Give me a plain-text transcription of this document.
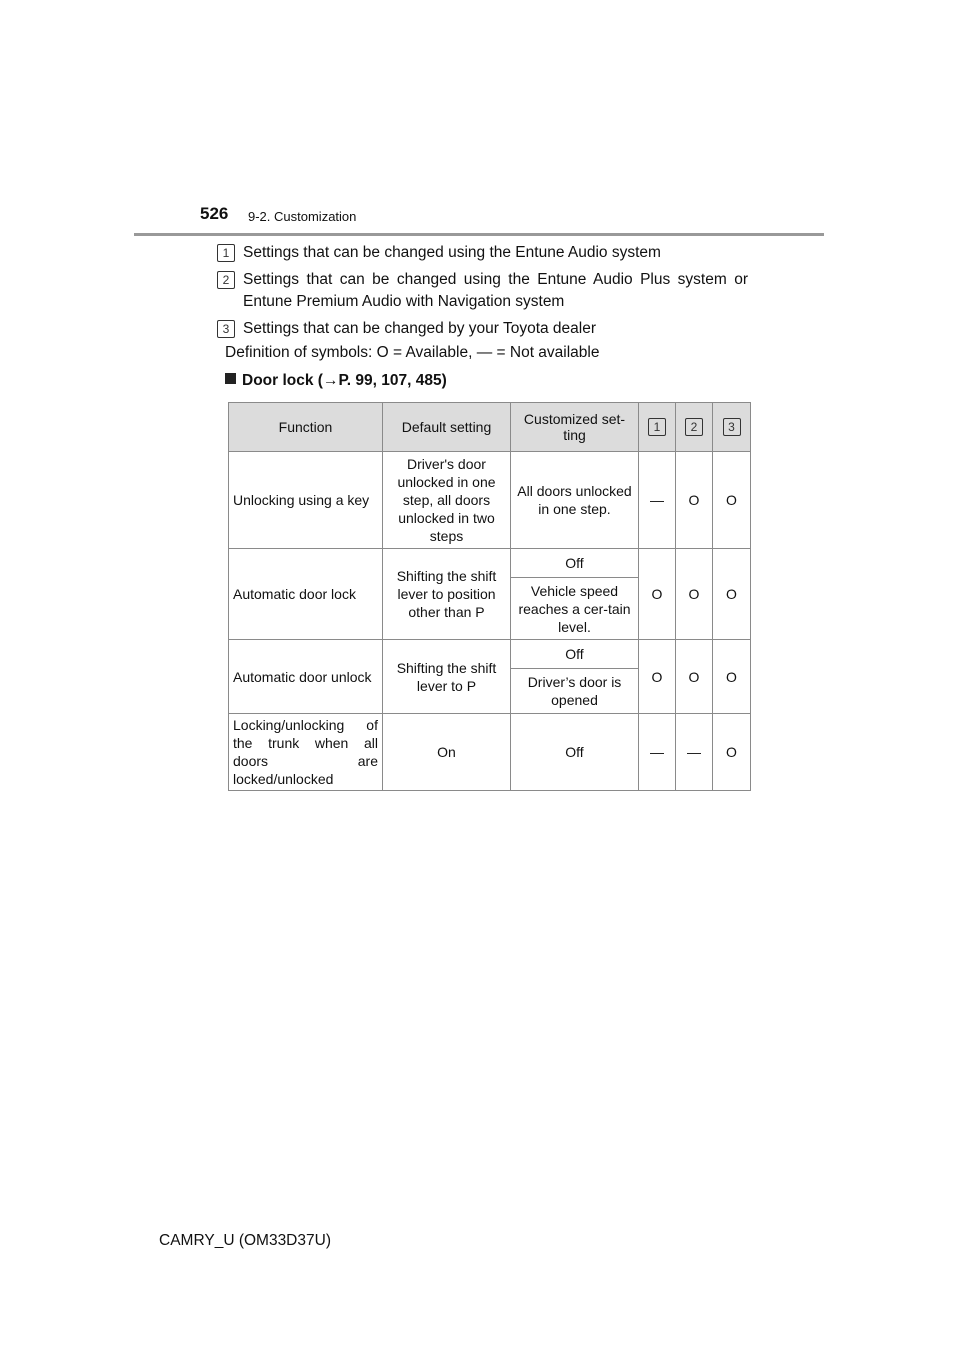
526 9-2. Customization
1 Settings that can be changed using the Entune Audio system
2 Settings that can be changed using the Entune Audio Plus system or Entune Premium Audio with Navigation system
3 Settings that can be changed by your Toyota dealer
Definition of symbols: O = Available, — = Not available
Door lock (→P. 99, 107, 485)
Function	Default setting	Customized set-ting	1	2	3
Unlocking using a key	Driver's door unlocked in one step, all doors unlocked in two steps	All doors unlocked in one step.	—	O	O
Automatic door lock	Shifting the shift lever to position other than P	Off	O	O	O
		Vehicle speed reaches a cer-tain level.			
Automatic door unlock	Shifting the shift lever to P	Off	O	O	O
		Driver’s door is opened			
Locking/unlocking of the trunk when all doors are locked/unlocked	On	Off	—	—	O
CAMRY_U (OM33D37U)
